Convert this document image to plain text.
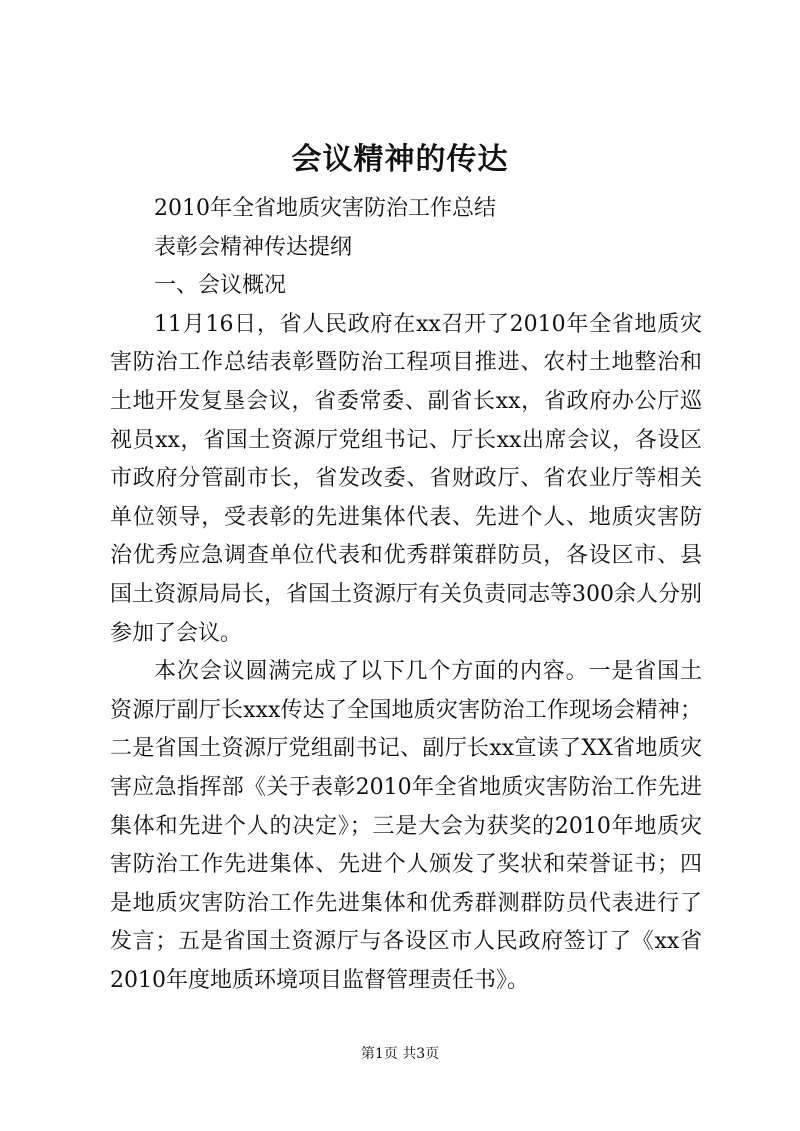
会议精神的传达

2010年全省地质灾害防治工作总结

表彰会精神传达提纲

一、会议概况

11月16日，省人民政府在xx召开了2010年全省地质灾害防治工作总结表彰暨防治工程项目推进、农村土地整治和土地开发复垦会议，省委常委、副省长xx，省政府办公厅巡视员xx，省国土资源厅党组书记、厅长xx出席会议，各设区市政府分管副市长，省发改委、省财政厅、省农业厅等相关单位领导，受表彰的先进集体代表、先进个人、地质灾害防治优秀应急调查单位代表和优秀群策群防员，各设区市、县国土资源局局长，省国土资源厅有关负责同志等300余人分别参加了会议。

本次会议圆满完成了以下几个方面的内容。一是省国土资源厅副厅长xxx传达了全国地质灾害防治工作现场会精神；二是省国土资源厅党组副书记、副厅长xx宣读了XX省地质灾害应急指挥部《关于表彰2010年全省地质灾害防治工作先进集体和先进个人的决定》；三是大会为获奖的2010年地质灾害防治工作先进集体、先进个人颁发了奖状和荣誉证书；四是地质灾害防治工作先进集体和优秀群测群防员代表进行了发言；五是省国土资源厅与各设区市人民政府签订了《xx省2010年度地质环境项目监督管理责任书》。

第1页 共3页
